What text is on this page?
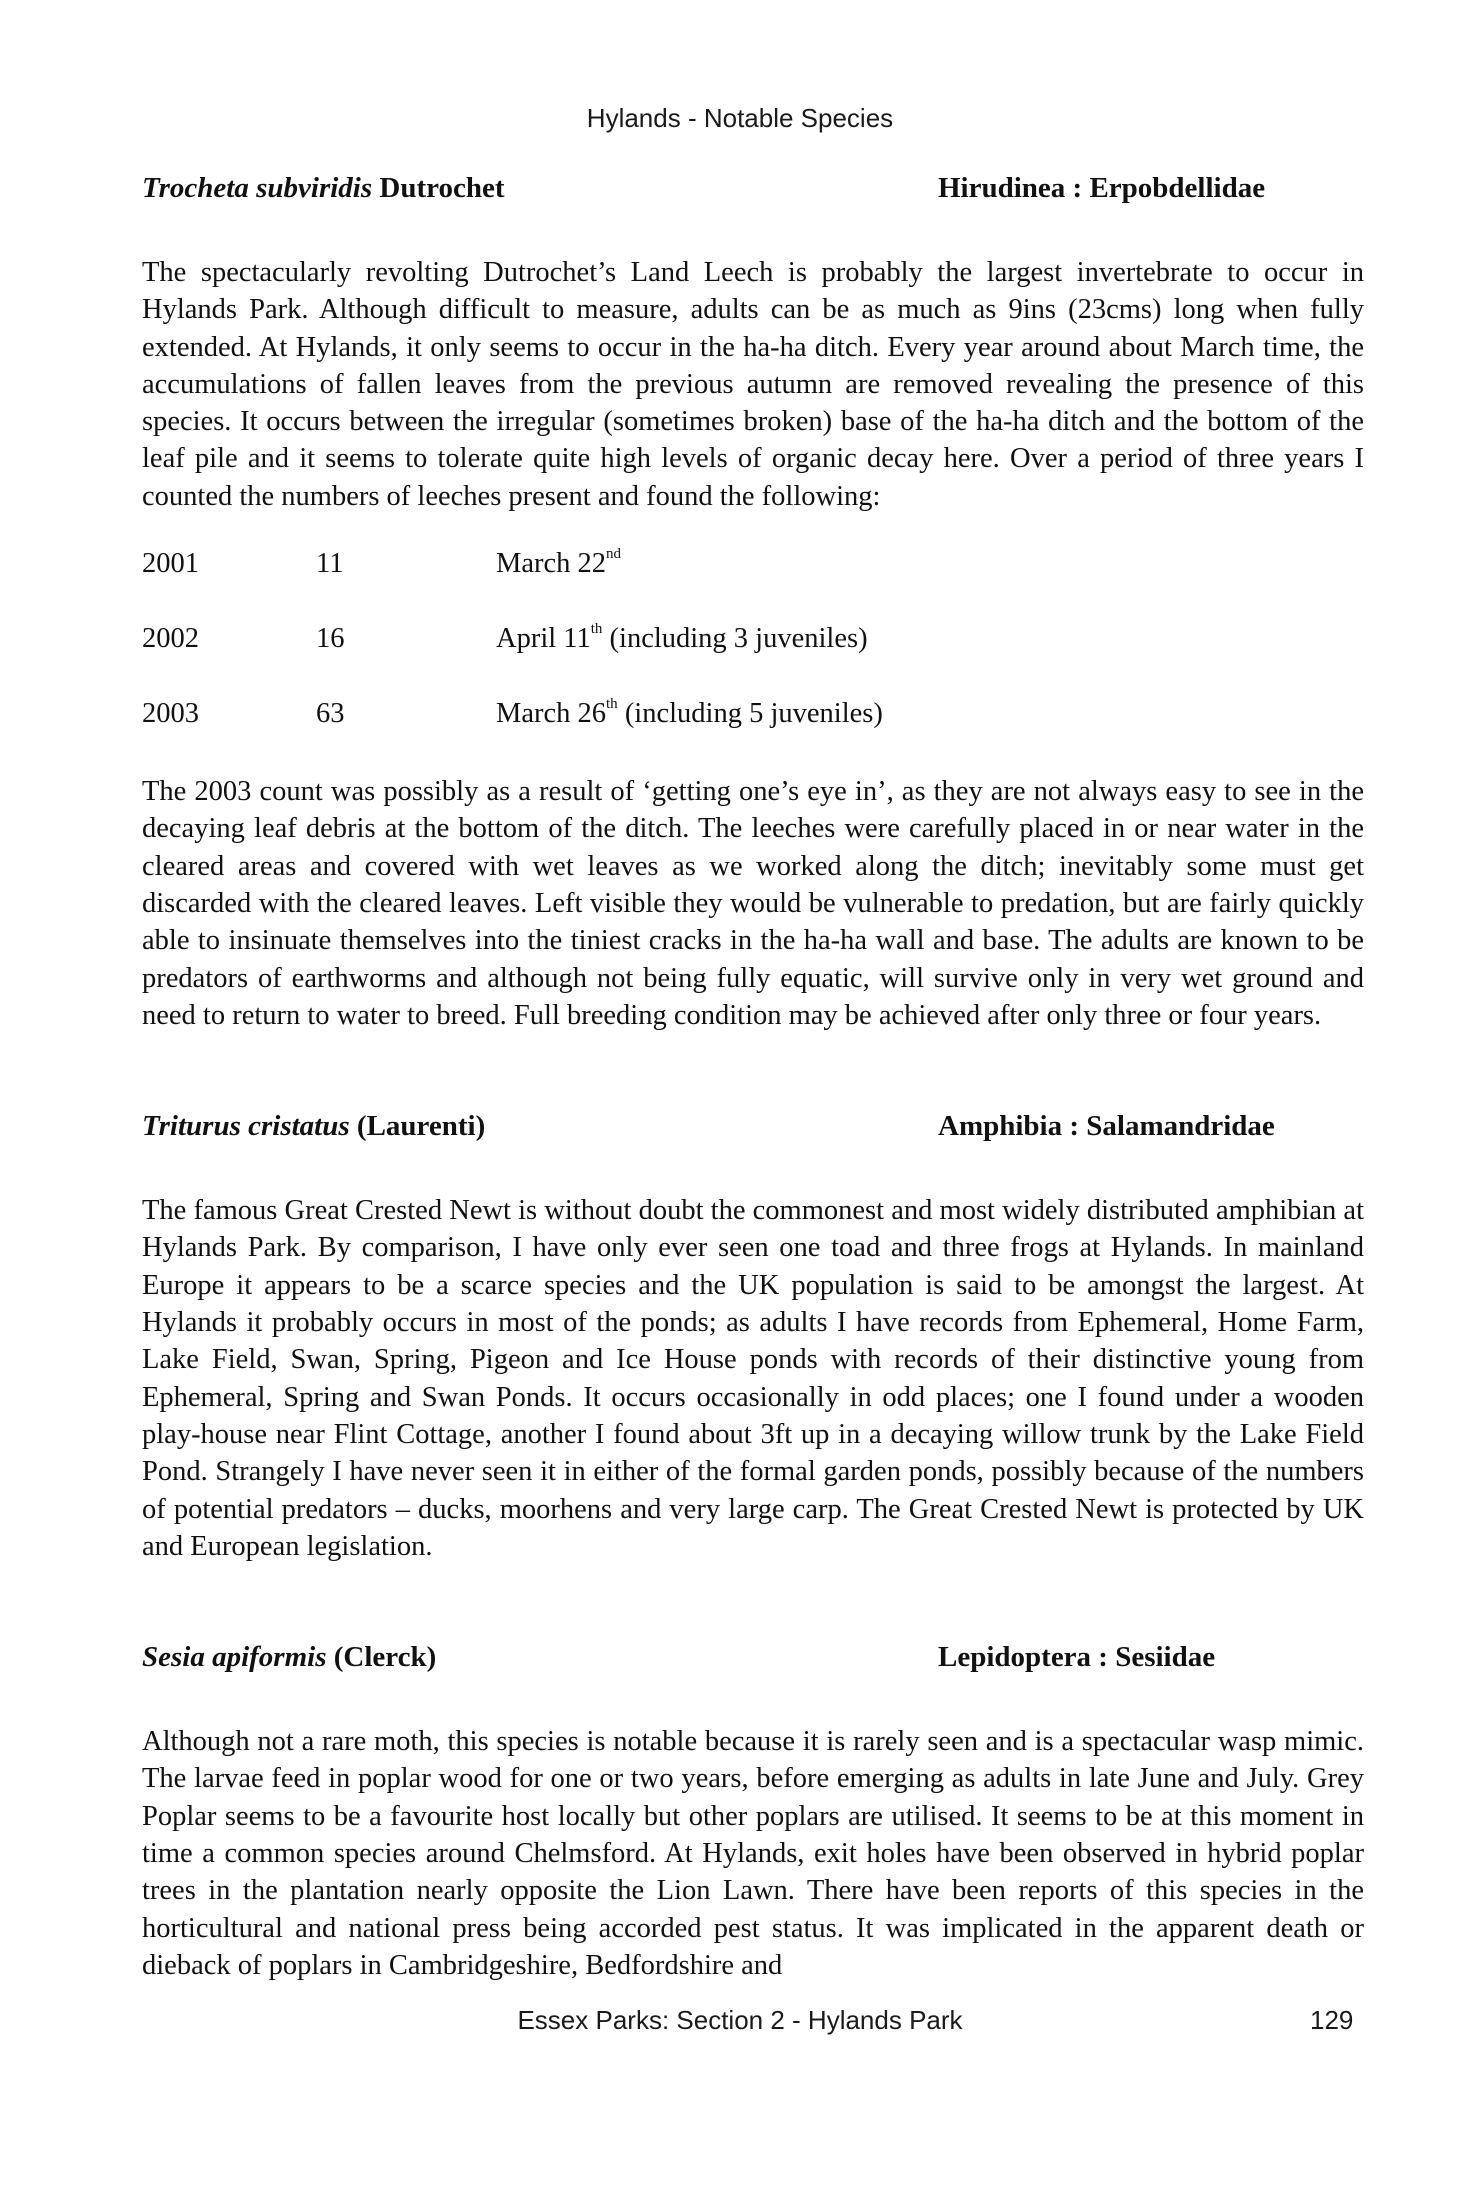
Hylands - Notable Species
Trocheta subviridis Dutrochet	Hirudinea : Erpobdellidae

The spectacularly revolting Dutrochet’s Land Leech is probably the largest invertebrate to occur in Hylands Park. Although difficult to measure, adults can be as much as 9ins (23cms) long when fully extended. At Hylands, it only seems to occur in the ha-ha ditch. Every year around about March time, the accumulations of fallen leaves from the previous autumn are removed revealing the presence of this species. It occurs between the irregular (sometimes broken) base of the ha-ha ditch and the bottom of the leaf pile and it seems to tolerate quite high levels of organic decay here. Over a period of three years I counted the numbers of leeches present and found the following:

2001	11	March 22nd
2002	16	April 11th (including 3 juveniles)
2003	63	March 26th (including 5 juveniles)

The 2003 count was possibly as a result of ‘getting one’s eye in’, as they are not always easy to see in the decaying leaf debris at the bottom of the ditch. The leeches were carefully placed in or near water in the cleared areas and covered with wet leaves as we worked along the ditch; inevitably some must get discarded with the cleared leaves. Left visible they would be vulnerable to predation, but are fairly quickly able to insinuate themselves into the tiniest cracks in the ha-ha wall and base. The adults are known to be predators of earthworms and although not being fully equatic, will survive only in very wet ground and need to return to water to breed. Full breeding condition may be achieved after only three or four years.

Triturus cristatus (Laurenti)	Amphibia : Salamandridae

The famous Great Crested Newt is without doubt the commonest and most widely distributed amphibian at Hylands Park. By comparison, I have only ever seen one toad and three frogs at Hylands. In mainland Europe it appears to be a scarce species and the UK population is said to be amongst the largest. At Hylands it probably occurs in most of the ponds; as adults I have records from Ephemeral, Home Farm, Lake Field, Swan, Spring, Pigeon and Ice House ponds with records of their distinctive young from Ephemeral, Spring and Swan Ponds. It occurs occasionally in odd places; one I found under a wooden play-house near Flint Cottage, another I found about 3ft up in a decaying willow trunk by the Lake Field Pond. Strangely I have never seen it in either of the formal garden ponds, possibly because of the numbers of potential predators – ducks, moorhens and very large carp. The Great Crested Newt is protected by UK and European legislation.

Sesia apiformis (Clerck)	Lepidoptera : Sesiidae

Although not a rare moth, this species is notable because it is rarely seen and is a spectacular wasp mimic. The larvae feed in poplar wood for one or two years, before emerging as adults in late June and July. Grey Poplar seems to be a favourite host locally but other poplars are utilised. It seems to be at this moment in time a common species around Chelmsford. At Hylands, exit holes have been observed in hybrid poplar trees in the plantation nearly opposite the Lion Lawn. There have been reports of this species in the horticultural and national press being accorded pest status. It was implicated in the apparent death or dieback of poplars in Cambridgeshire, Bedfordshire and

Essex Parks: Section 2 - Hylands Park	129
